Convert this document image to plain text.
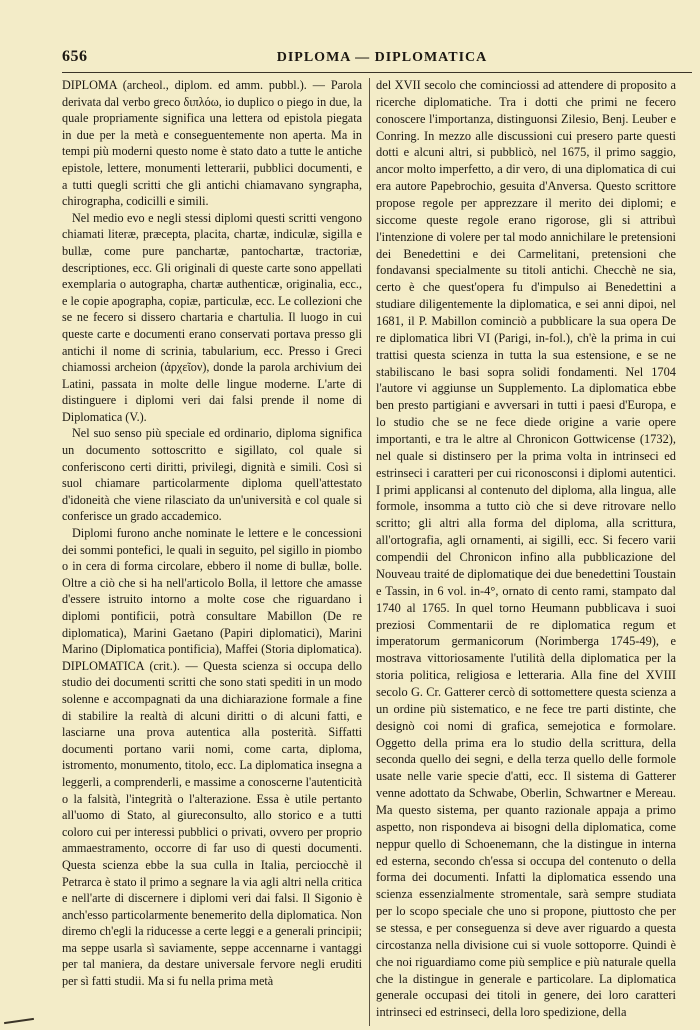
656	DIPLOMA — DIPLOMATICA

DIPLOMA (archeol., diplom. ed amm. pubbl.). — Parola derivata dal verbo greco διπλόω, io duplico o piego in due, la quale propriamente significa una lettera od epistola piegata in due per la metà e conseguentemente non aperta. Ma in tempi più moderni questo nome è stato dato a tutte le antiche epistole, lettere, monumenti letterarii, pubblici documenti, e a tutti quegli scritti che gli antichi chiamavano syngrapha, chirographa, codicilli e simili.

Nel medio evo e negli stessi diplomi questi scritti vengono chiamati literæ, præcepta, placita, chartæ, indiculæ, sigilla e bullæ, come pure panchartæ, pantochartæ, tractoriæ, descriptiones, ecc. Gli originali di queste carte sono appellati exemplaria o autographa, chartæ authenticæ, originalia, ecc., e le copie apographa, copiæ, particulæ, ecc. Le collezioni che se ne fecero si dissero chartaria e chartulia. Il luogo in cui queste carte e documenti erano conservati portava presso gli antichi il nome di scrinia, tabularium, ecc. Presso i Greci chiamossi archeion (ἀρχεῖον), donde la parola archivium dei Latini, passata in molte delle lingue moderne. L'arte di distinguere i diplomi veri dai falsi prende il nome di Diplomatica (V.).

Nel suo senso più speciale ed ordinario, diploma significa un documento sottoscritto e sigillato, col quale si conferiscono certi diritti, privilegi, dignità e simili. Così si suol chiamare particolarmente diploma quell'attestato d'idoneità che viene rilasciato da un'università e col quale si conferisce un grado accademico.

Diplomi furono anche nominate le lettere e le concessioni dei sommi pontefici, le quali in seguito, pel sigillo in piombo o in cera di forma circolare, ebbero il nome di bullæ, bolle. Oltre a ciò che si ha nell'articolo Bolla, il lettore che amasse d'essere istruito intorno a molte cose che riguardano i diplomi pontificii, potrà consultare Mabillon (De re diplomatica), Marini Gaetano (Papiri diplomatici), Marini Marino (Diplomatica pontificia), Maffei (Storia diplomatica).

DIPLOMATICA (crit.). — Questa scienza si occupa dello studio dei documenti scritti che sono stati spediti in un modo solenne e accompagnati da una dichiarazione formale a fine di stabilire la realtà di alcuni diritti o di alcuni fatti, e lasciarne una prova autentica alla posterità. Siffatti documenti portano varii nomi, come carta, diploma, istromento, monumento, titolo, ecc. La diplomatica insegna a leggerli, a comprenderli, e massime a conoscerne l'autenticità o la falsità, l'integrità o l'alterazione. Essa è utile pertanto all'uomo di Stato, al giureconsulto, allo storico e a tutti coloro cui per interessi pubblici o privati, ovvero per proprio ammaestramento, occorre di far uso di questi documenti. Questa scienza ebbe la sua culla in Italia, perciocchè il Petrarca è stato il primo a segnare la via agli altri nella critica e nell'arte di discernere i diplomi veri dai falsi. Il Sigonio è anch'esso particolarmente benemerito della diplomatica. Non diremo ch'egli la riducesse a certe leggi e a generali principii; ma seppe usarla sì saviamente, seppe accennarne i vantaggi per tal maniera, da destare universale fervore negli eruditi per sì fatti studii. Ma si fu nella prima metà

del XVII secolo che cominciossi ad attendere di proposito a ricerche diplomatiche. Tra i dotti che primi ne fecero conoscere l'importanza, distinguonsi Zilesio, Benj. Leuber e Conring. In mezzo alle discussioni cui presero parte questi dotti e alcuni altri, si pubblicò, nel 1675, il primo saggio, ancor molto imperfetto, a dir vero, di una diplomatica di cui era autore Papebrochio, gesuita d'Anversa. Questo scrittore propose regole per apprezzare il merito dei diplomi; e siccome queste regole erano rigorose, gli si attribuì l'intenzione di volere per tal modo annichilare le pretensioni dei Benedettini e dei Carmelitani, pretensioni che fondavansi specialmente su titoli antichi. Checchè ne sia, certo è che quest'opera fu d'impulso ai Benedettini a studiare diligentemente la diplomatica, e sei anni dipoi, nel 1681, il P. Mabillon cominciò a pubblicare la sua opera De re diplomatica libri VI (Parigi, in-fol.), ch'è la prima in cui trattisi questa scienza in tutta la sua estensione, e se ne stabiliscano le basi sopra solidi fondamenti. Nel 1704 l'autore vi aggiunse un Supplemento. La diplomatica ebbe ben presto partigiani e avversari in tutti i paesi d'Europa, e lo studio che se ne fece diede origine a varie opere importanti, e tra le altre al Chronicon Gottwicense (1732), nel quale si distinsero per la prima volta in intrinseci ed estrinseci i caratteri per cui riconosconsi i diplomi autentici. I primi applicansi al contenuto del diploma, alla lingua, alle formole, insomma a tutto ciò che si deve ritrovare nello scritto; gli altri alla forma del diploma, alla scrittura, all'ortografia, agli ornamenti, ai sigilli, ecc. Si fecero varii compendii del Chronicon infino alla pubblicazione del Nouveau traité de diplomatique dei due benedettini Toustain e Tassin, in 6 vol. in-4°, ornato di cento rami, stampato dal 1740 al 1765. In quel torno Heumann pubblicava i suoi preziosi Commentarii de re diplomatica regum et imperatorum germanicorum (Norimberga 1745-49), e mostrava vittoriosamente l'utilità della diplomatica per la storia politica, religiosa e letteraria. Alla fine del XVIII secolo G. Cr. Gatterer cercò di sottomettere questa scienza a un ordine più sistematico, e ne fece tre parti distinte, che designò coi nomi di grafica, semejotica e formolare. Oggetto della prima era lo studio della scrittura, della seconda quello dei segni, e della terza quello delle formole usate nelle varie specie d'atti, ecc. Il sistema di Gatterer venne adottato da Schwabe, Oberlin, Schwartner e Mereau. Ma questo sistema, per quanto razionale appaja a primo aspetto, non rispondeva ai bisogni della diplomatica, come neppur quello di Schoenemann, che la distingue in interna ed esterna, secondo ch'essa si occupa del contenuto o della forma dei documenti. Infatti la diplomatica essendo una scienza essenzialmente stromentale, sarà sempre studiata per lo scopo speciale che uno si propone, piuttosto che per se stessa, e per conseguenza si deve aver riguardo a questa circostanza nella divisione cui si vuole sottoporre. Quindi è che noi riguardiamo come più semplice e più naturale quella che la distingue in generale e particolare. La diplomatica generale occupasi dei titoli in genere, dei loro caratteri intrinseci ed estrinseci, della loro spedizione, della
